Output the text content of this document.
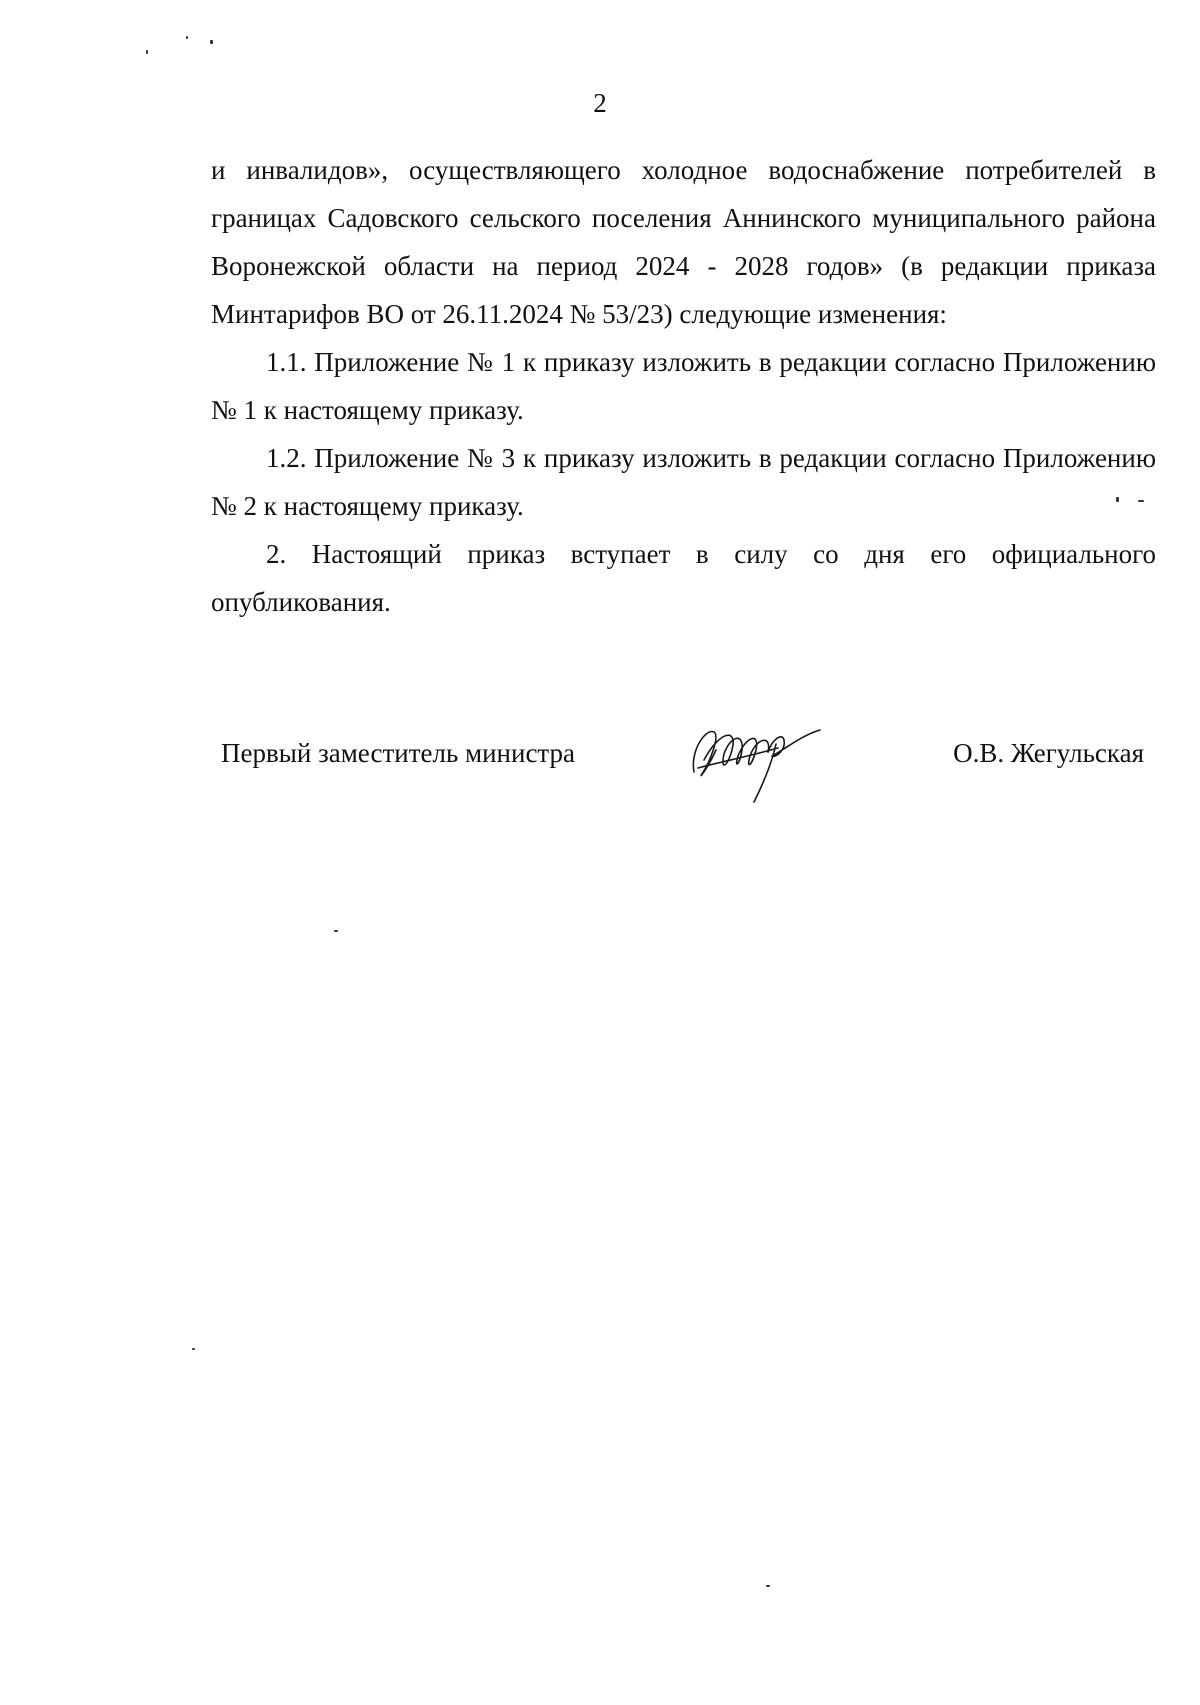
2

и инвалидов», осуществляющего холодное водоснабжение потребителей в границах Садовского сельского поселения Аннинского муниципального района Воронежской области на период 2024 - 2028 годов» (в редакции приказа Минтарифов ВО от 26.11.2024 № 53/23) следующие изменения:

1.1. Приложение № 1 к приказу изложить в редакции согласно Приложению № 1 к настоящему приказу.

1.2. Приложение № 3 к приказу изложить в редакции согласно Приложению № 2 к настоящему приказу.

2. Настоящий приказ вступает в силу со дня его официального опубликования.

Первый заместитель министра	О.В. Жегульская
